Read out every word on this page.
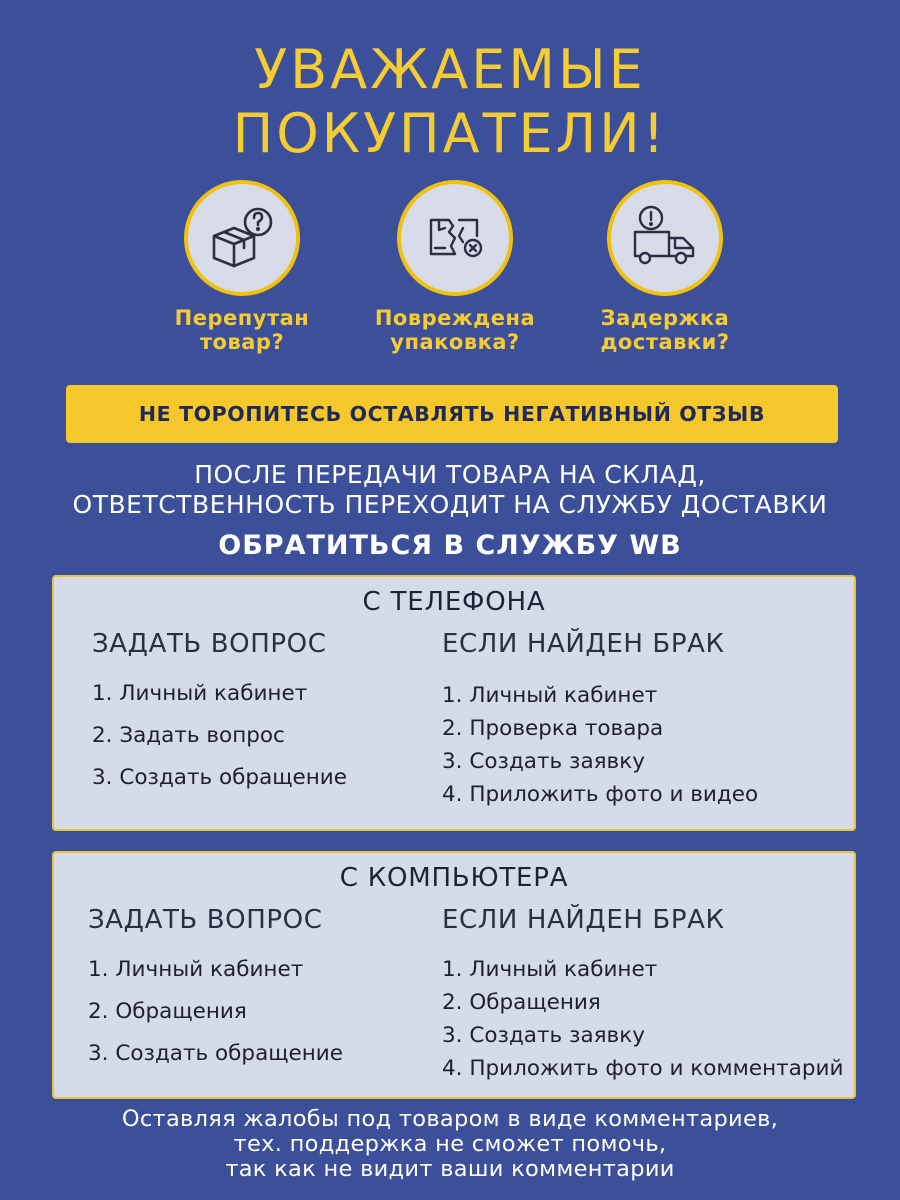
УВАЖАЕМЫЕ
ПОКУПАТЕЛИ!
Перепутан
товар?
Повреждена
упаковка?
Задержка
доставки?
НЕ ТОРОПИТЕСЬ ОСТАВЛЯТЬ НЕГАТИВНЫЙ ОТЗЫВ
ПОСЛЕ ПЕРЕДАЧИ ТОВАРА НА СКЛАД,
ОТВЕТСТВЕННОСТЬ ПЕРЕХОДИТ НА СЛУЖБУ ДОСТАВКИ
ОБРАТИТЬСЯ В СЛУЖБУ WB
С ТЕЛЕФОНА
ЗАДАТЬ ВОПРОС	ЕСЛИ НАЙДЕН БРАК
1. Личный кабинет
2. Задать вопрос
3. Создать обращение
1. Личный кабинет
2. Проверка товара
3. Создать заявку
4. Приложить фото и видео
С КОМПЬЮТЕРА
ЗАДАТЬ ВОПРОС	ЕСЛИ НАЙДЕН БРАК
1. Личный кабинет
2. Обращения
3. Создать обращение
1. Личный кабинет
2. Обращения
3. Создать заявку
4. Приложить фото и комментарий
Оставляя жалобы под товаром в виде комментариев,
тех. поддержка не сможет помочь,
так как не видит ваши комментарии
